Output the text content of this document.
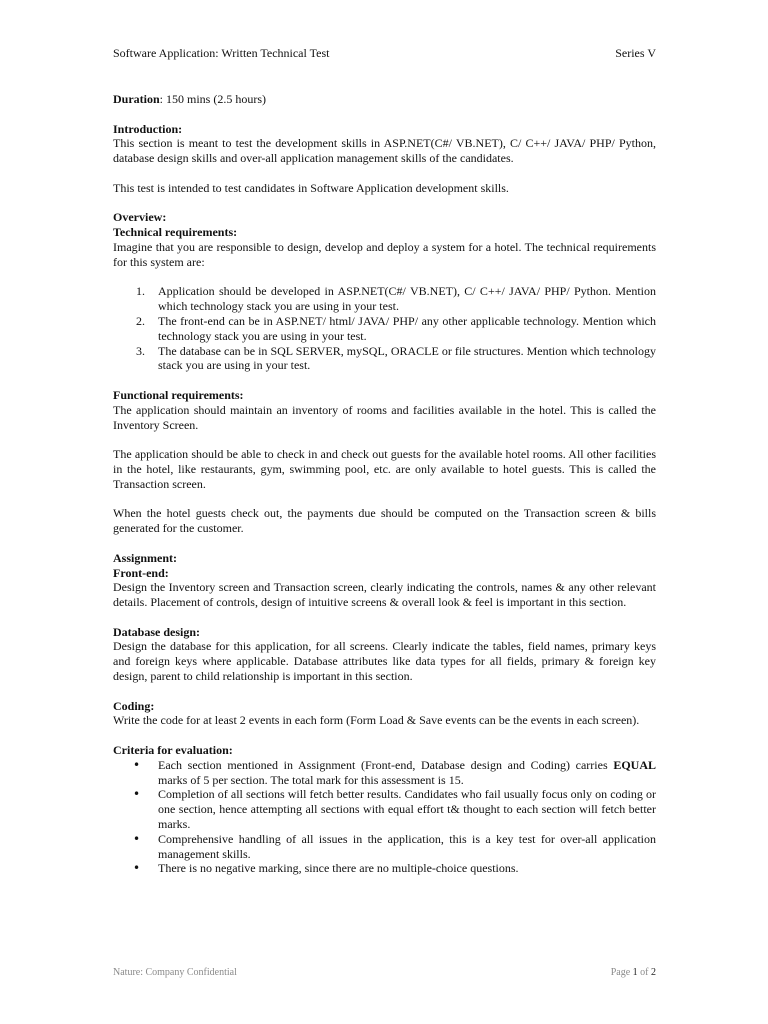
Software Application: Written Technical Test	Series V

Duration: 150 mins (2.5 hours)

Introduction:

This section is meant to test the development skills in ASP.NET(C#/ VB.NET), C/ C++/ JAVA/ PHP/ Python, database design skills and over-all application management skills of the candidates.

This test is intended to test candidates in Software Application development skills.

Overview:

Technical requirements:

Imagine that you are responsible to design, develop and deploy a system for a hotel. The technical requirements for this system are:

1. Application should be developed in ASP.NET(C#/ VB.NET), C/ C++/ JAVA/ PHP/ Python. Mention which technology stack you are using in your test.
2. The front-end can be in ASP.NET/ html/ JAVA/ PHP/ any other applicable technology. Mention which technology stack you are using in your test.
3. The database can be in SQL SERVER, mySQL, ORACLE or file structures. Mention which technology stack you are using in your test.

Functional requirements:

The application should maintain an inventory of rooms and facilities available in the hotel. This is called the Inventory Screen.

The application should be able to check in and check out guests for the available hotel rooms. All other facilities in the hotel, like restaurants, gym, swimming pool, etc. are only available to hotel guests. This is called the Transaction screen.

When the hotel guests check out, the payments due should be computed on the Transaction screen & bills generated for the customer.

Assignment:

Front-end:

Design the Inventory screen and Transaction screen, clearly indicating the controls, names & any other relevant details. Placement of controls, design of intuitive screens & overall look & feel is important in this section.

Database design:

Design the database for this application, for all screens. Clearly indicate the tables, field names, primary keys and foreign keys where applicable. Database attributes like data types for all fields, primary & foreign key design, parent to child relationship is important in this section.

Coding:

Write the code for at least 2 events in each form (Form Load & Save events can be the events in each screen).

Criteria for evaluation:

• Each section mentioned in Assignment (Front-end, Database design and Coding) carries EQUAL marks of 5 per section. The total mark for this assessment is 15.
• Completion of all sections will fetch better results. Candidates who fail usually focus only on coding or one section, hence attempting all sections with equal effort t& thought to each section will fetch better marks.
• Comprehensive handling of all issues in the application, this is a key test for over-all application management skills.
• There is no negative marking, since there are no multiple-choice questions.
Nature: Company Confidential	Page 1 of 2
